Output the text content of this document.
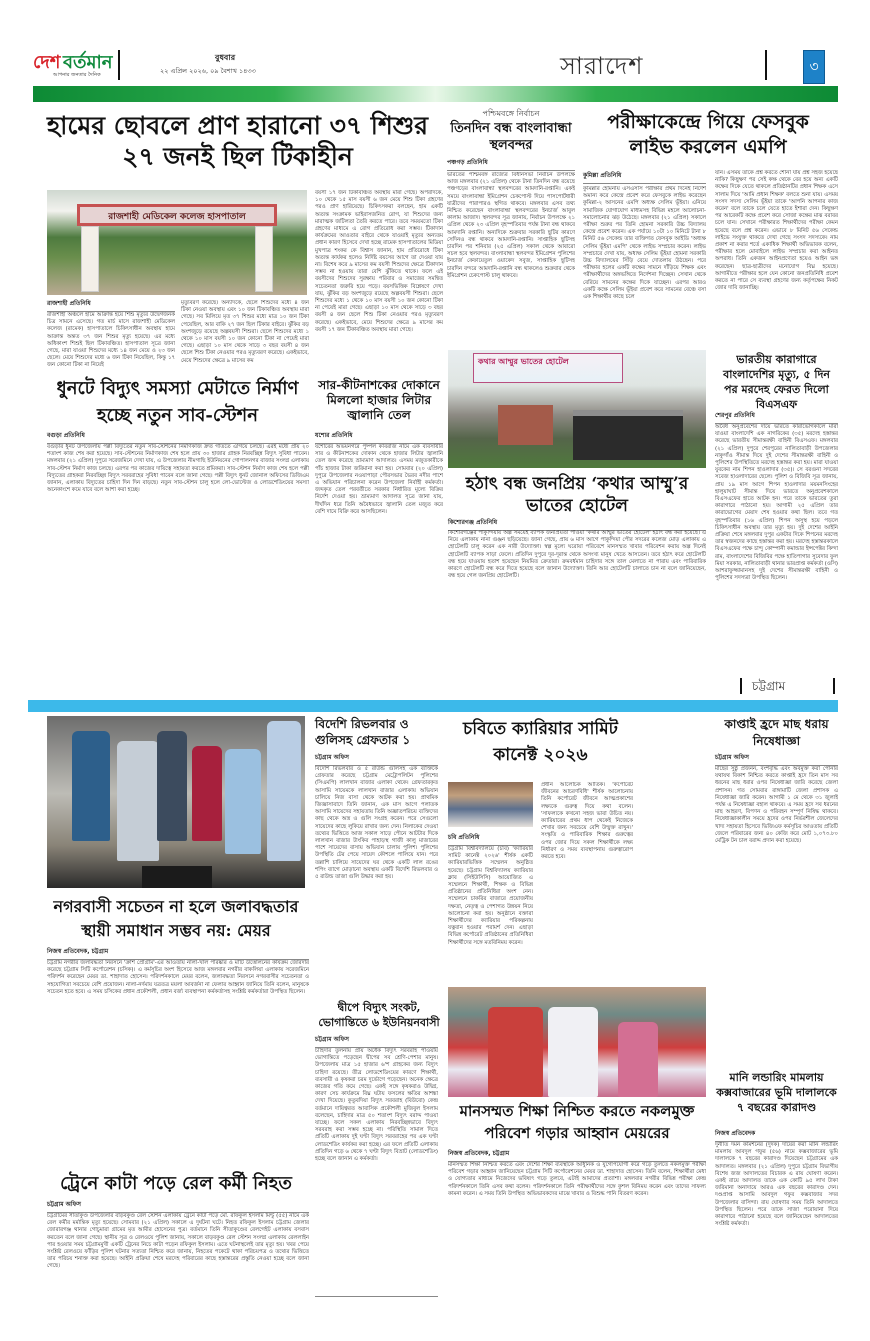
দেশ বর্তমান
আপনার জনতার দৈনিক
বুধবার
২২ এপ্রিল ২০২৬, ০৯ বৈশাখ ১৪৩৩	সারাদেশ	৩
হামের ছোবলে প্রাণ হারানো ৩৭ শিশুর ২৭ জনই ছিল টিকাহীন
রাজশাহী মেডিকেল কলেজ হাসপাতাল
রাজশাহী প্রতিনিধি

রাজশাহী অঞ্চলে হামে আক্রান্ত হয়ে শিশু মৃত্যুর উদ্বেগজনক চিত্র সামনে এসেছে। গত মার্চ মাসে রাজশাহী মেডিকেল কলেজ (রামেক) হাসপাতালে চিকিৎসাধীন অবস্থায় হামে আক্রান্ত অন্তত ৩৭ জন শিশুর মৃত্যু হয়েছে। এর মধ্যে অধিকাংশ শিশুই ছিল টিকাবঞ্চিত। হাসপাতাল সূত্রে জানা গেছে, মারা যাওয়া শিশুদের মধ্যে ১৪ জন মেয়ে ও ২৩ জন ছেলে। মেয়ে শিশুদের মধ্যে ৬ জন টিকা নিয়েছিল, কিন্তু ১৭ জন কোনো টিকা না নিয়েই

মৃত্যুবরণ করেছে। অন্যদিকে, ছেলে শিশুদের মধ্যে ৪ জন টিকা নেওয়া অবস্থায় এবং ১০ জন টিকাবঞ্চিত অবস্থায় মারা গেছে। সব মিলিয়ে মৃত ৩৭ শিশুর মধ্যে মাত্র ১০ জন টিকা পেয়েছিল, আর বাকি ২৭ জন ছিল টিকার বাইরে। ঝুঁকির বড় অংশজুড়ে রয়েছে অল্পবয়সী শিশুরা। ছেলে শিশুদের মধ্যে ১ থেকে ১০ মাস বয়সী ১০ জন কোনো টিকা না পেয়েই মারা গেছে। এছাড়া ১০ মাস থেকে সাড়ে ৩ বছর বয়সী ৪ জন ছেলে শিশু টিকা নেওয়ার পরও মৃত্যুবরণ করেছে। একইভাবে, মেয়ে শিশুদের ক্ষেত্রে ৯ মাসের কম

বয়সী ১৭ জন টিকাবঞ্চিত অবস্থায় মারা গেছে। অপরদিকে, ১০ থেকে ১৫ মাস বয়সী ৬ জন মেয়ে শিশু টিকা গ্রহণের পরও প্রাণ হারিয়েছে। চিকিৎসকরা বলছেন, হাম একটি অত্যন্ত সংক্রামক ভাইরাসজনিত রোগ, যা শিশুদের জন্য মারাত্মক জটিলতা তৈরি করতে পারে। তবে সময়মতো টিকা গ্রহণের মাধ্যমে এ রোগ প্রতিরোধ করা সম্ভব। টিকাদান কার্যক্রমের আওতার বাইরে থেকে যাওয়াই মৃত্যুর অন্যতম প্রধান কারণ হিসেবে দেখা হচ্ছে রামেক হাসপাতালের মিডিয়া মুখপাত্র শংকর কে বিশ্বাস জানান, হাম প্রতিরোধে টিকা অত্যন্ত কার্যকর হলেও নির্দিষ্ট বয়সের আগে তা দেওয়া যায় না। বিশেষ করে ৯ মাসের কম বয়সী শিশুদের ক্ষেত্রে টিকাদান সম্ভব না হওয়ায় তারা বেশি ঝুঁকিতে থাকে। ফলে এই বয়সীদের শিশুদের সুরক্ষায় পরিবার ও সমাজের সমন্বিত সচেতনতা জরুরি হয়ে পড়ে। বয়সভিত্তিক বিশ্লেষণে দেখা যায়, ঝুঁকির বড় অংশজুড়ে রয়েছে অল্পবয়সী শিশুরা। ছেলে শিশুদের মধ্যে ১ থেকে ১০ মাস বয়সী ১০ জন কোনো টিকা না পেয়েই মারা গেছে। এছাড়া ১০ মাস থেকে সাড়ে ৩ বছর বয়সী ৪ জন ছেলে শিশু টিকা নেওয়ার পরও মৃত্যুবরণ করেছে। একইভাবে, মেয়ে শিশুদের ক্ষেত্রে ৯ মাসের কম বয়সী ১৭ জন টিকাবঞ্চিত অবস্থায় মারা গেছে।

পশ্চিমবঙ্গে নির্বাচন
তিনদিন বন্ধ বাংলাবান্ধা স্থলবন্দর
পঞ্চগড় প্রতিনিধি

ভারতের পশ্চিমবঙ্গ রাজ্যের বিধানসভা নির্বাচন উপলক্ষে আজ মঙ্গলবার (২১ এপ্রিল) থেকে টানা তিনদিন বন্ধ রয়েছে পঞ্চগড়ের বাংলাবান্ধা স্থলবন্দরের আমদানি-রপ্তানি। একই সময়ে বাংলাবান্ধা ইমিগ্রেশন চেকপোস্ট দিয়ে পাসপোর্টধারী যাত্রীদের পারাপারও স্থগিত থাকবে। মঙ্গলবার এসব তথ্য নিশ্চিত করেছেন বাংলাবান্ধা স্থলবন্দরের ইনচার্জ আবুল কালাম আজাদ। স্থলবন্দর সূত্র জানায়, নির্বাচন উপলক্ষে ২১ এপ্রিল থেকে ২৩ এপ্রিল বৃহস্পতিবার পর্যন্ত টানা বন্ধ থাকবে আমদানি রপ্তানি। অন্যদিকে শুক্রবার সরকারি ছুটির কারণে সেদিনও বন্ধ থাকবে আমদানি-রপ্তানি। সাপ্তাহিক ছুটিসহ চারদিন পর শনিবার (২৫ এপ্রিল) সকাল থেকে আবারো সচল হবে স্থলবন্দর। বাংলাবান্ধা স্থলবন্দর ইমিগ্রেশন পুলিশের ইনচার্জ কেফায়েতুল ওয়াকেদ সবুজ, সাপ্তাহিক ছুটিসহ চারদিন বন্দরে আমদানি-রপ্তানি বন্ধ থাকলেও শুক্রবার থেকে ইমিগ্রেশন চেকপোস্ট চালু থাকবে।

পরীক্ষাকেন্দ্রে গিয়ে ফেসবুক লাইভ করলেন এমপি
কুমিল্লা প্রতিনিধি

কুমিল্লার হোমনায় এসএসসি পরীক্ষার প্রথম দিনেই নির্দেশ অমান্য করে কেন্দ্রে প্রবেশ করে ফেসবুকে লাইভ করেছেন কুমিল্লা-২ আসনের এমপি অধ্যক্ষ সেলিম ভূঁইয়া। এনিয়ে সামাজিক যোগাযোগ মাধ্যমসহ বিভিন্ন মহলে আলোচনা-সমালোচনার ঝড় উঠেছে। মঙ্গলবার (২১ এপ্রিল) সকালে পরীক্ষা শুরুর পর তিনি হোমনা সরকারি উচ্চ বিদ্যালয় কেন্দ্রে প্রবেশ করেন। এক পর্যায়ে ১০টা ১০ মিনিটে টানা ৮ মিনিট ৫৬ সেকেন্ড তার ব্যক্তিগত ফেসবুক আইডি 'অধ্যক্ষ সেলিম ভূঁইয়া এমপি' থেকে লাইভ সম্প্রচার করেন। লাইভ সম্প্রচারে দেখা যায়, অধ্যক্ষ সেলিম ভূঁইয়া হোমনা সরকারি উচ্চ বিদ্যালয়ের সিঁড়ি বেয়ে দোতলায় উঠছেন। পরে পরীক্ষার হলের একটি কক্ষের সামনে দাঁড়িয়ে শিক্ষক এবং পরীক্ষার্থীদের অঙ্গভঙ্গিতে নির্দেশনা দিচ্ছেন। সেখান থেকে বেরিয়ে সামনের কক্ষের দিকে যাচ্ছেন। এরপর আরও একটি কক্ষে সেলিম ভূঁইয়া প্রবেশ করে সামনের বেঞ্চে বসা এক শিক্ষার্থীর কাছে চলে

যান। এসময় তাকে প্রশ্ন করতে শোনা যায় প্রশ্ন সহজ হয়েছে নাকি? কিছুক্ষণ পর সেই কক্ষ থেকে বের হয়ে অন্য একটি কক্ষের দিকে যেতে থাকলে প্রতিষ্ঠানটির প্রধান শিক্ষক এসে সালাম দিয়ে 'আমি প্রধান শিক্ষক' বলতে শুনা যায়। এসময় সংসদ সদস্য সেলিম ভূঁইয়া তাকে 'আপনি আপনার কাজ করেন' বলে তাকে চলে যেতে হাতে ইশারা দেন। কিছুক্ষণ পর আরেকটি কক্ষে প্রবেশ করে সোজা কক্ষের মাঝ বরাবর চলে যান। সেখানে পরীক্ষারত শিক্ষার্থীদের পরীক্ষা কেমন হয়েছে বলে প্রশ্ন করেন। এভাবে ৮ মিনিট ৫৬ সেকেন্ড লাইভে সংযুক্ত থাকতে দেখা গেছে সংসদ সদস্যকে। নাম প্রকাশ না করার শর্তে একাধিক শিক্ষার্থী অভিভাবক বলেন, পরীক্ষার হলে মোবাইলে লাইভ সম্প্রচার করা আইনত অপরাধ। তিনি একজন আইনপ্রণেতা হয়েও আইন ভঙ্গ করেছেন। ছাত্র-ছাত্রীদের মনোযোগ বিঘ্ন হয়েছে। আগামীতে পরীক্ষার হলে যেন কোনো জনপ্রতিনিধি প্রবেশ করতে না পারে সে ব্যবস্থা গ্রহণের জন্য কর্তৃপক্ষের নিকট জোর দাবি জানাচ্ছি।

ধুনটে বিদ্যুৎ সমস্যা মেটাতে নির্মাণ হচ্ছে নতুন সাব-স্টেশন
বগুড়া প্রতিনিধি

বগুড়ার ধুনট উপজেলায় পল্লী বিদ্যুতের নতুন সাব-স্টেশনের নির্মাণকাজ দ্রুত গতিতে এগিয়ে চলছে। এরই মধ্যে প্রায় ২০ শতাংশ কাজ শেষ করা হয়েছে। সাব-স্টেশনের নির্মাণকাজ শেষ হলে প্রায় ৩০ হাজার গ্রাহক নিরবচ্ছিন্ন বিদ্যুৎ সুবিধা পাবেন। মঙ্গলবার (২১ এপ্রিল) দুপুরে সরেজমিনে দেখা যায়, এ উপজেলার নীমগাছি ইউনিয়নের গোপালনগর বাজার সংলগ্ন এলাকায় সাব-স্টেশন নির্মাণ কাজ চলছে। এরপর পর কাজের দায়িত্বে সহায়তা করতে শ্রমিকরা। সাব-স্টেশন নির্মাণ কাজ শেষ হলে পল্লী বিদ্যুতের গ্রাহকরা নিরবচ্ছিন্ন বিদ্যুৎ সরবরাহের সুবিধা পাবেন বলে জানা গেছে। পল্লী বিদ্যুৎ ধুনট জোনাল অফিসের ডিজিএম জানান, এলাকায় বিদ্যুতের চাহিদা দিন দিন বাড়ছে। নতুন সাব-স্টেশন চালু হলে লো-ভোল্টেজ ও লোডশেডিংয়ের সমস্যা অনেকাংশে কমে যাবে বলে আশা করা হচ্ছে।

সার-কীটনাশকের দোকানে মিললো হাজার লিটার জ্বালানি তেল
যশোর প্রতিনিধি

যশোরের অভয়নগরে পুষ্পল কবিরাজ নামে এক ব্যবসায়ীর সার ও কীটনাশকের দোকান থেকে হাজার লিটার জ্বালানি তেল জব্দ করেছে ভ্রাম্যমাণ আদালত। এসময় মজুতকারীকে পাঁচ হাজার টাকা জরিমানা করা হয়। সোমবার (২০ এপ্রিল) দুপুরে উপজেলার নওয়াপাড়া পৌরসভার ভৈরব নদীর পাশে এ অভিযান পরিচালনা করেন উপজেলা নির্বাহী কর্মকর্তা। জব্দকৃত তেল পরবর্তীতে সরকার নির্ধারিত মূল্যে বিক্রির নির্দেশ দেওয়া হয়। ভ্রাম্যমাণ আদালত সূত্রে জানা যায়, দীর্ঘদিন ধরে তিনি অবৈধভাবে জ্বালানি তেল মজুত করে বেশি দামে বিক্রি করে আসছিলেন।

কথার আম্মুর ভাতের হোটেল
হঠাৎ বন্ধ জনপ্রিয় ‘কথার আম্মু’র ভাতের হোটেল
কিশোরগঞ্জ প্রতিনিধি

কিশোরগঞ্জের পাকুন্দিয়ায় অল্প সময়েই ব্যাপক জনপ্রিয়তা পাওয়া 'কথার আম্মুর ভাতের হোটেল' হঠাৎ বন্ধ করা হয়েছে। এ নিয়ে এলাকায় নানা গুঞ্জন ছড়িয়েছে। জানা গেছে, প্রায় ৬ মাস আগে পাকুন্দিয়া পৌর সদরের কলেজ মোড় এলাকায় এ হোটেলটি চালু করেন এক নারী উদ্যোক্তা। স্বল্প মূল্যে ঘরোয়া পরিবেশে মানসম্মত খাবার পরিবেশন করায় অল্প দিনেই হোটেলটি ব্যাপক সাড়া ফেলে। প্রতিদিন দুপুরে দূর-দূরান্ত থেকে অসংখ্য মানুষ খেতে আসতেন। তবে হঠাৎ করে হোটেলটি বন্ধ হয়ে যাওয়ায় হতাশ হয়েছেন নিয়মিত ক্রেতারা। ক্রমবর্ধমান চাহিদার সঙ্গে তাল মেলাতে না পারায় এবং পারিবারিক কারণে হোটেলটি বন্ধ করে দিতে হয়েছে বলে জানান উদ্যোক্তা। তিনি আর হোটেলটি চালাতে চান না বলে জানিয়েছেন, বন্ধ হয়ে গেল জনপ্রিয় হোটেলটি।

ভারতীয় কারাগারে বাংলাদেশির মৃত্যু, ৫ দিন পর মরদেহ ফেরত দিলো বিএসএফ
শেরপুর প্রতিনিধি

অবৈধ অনুপ্রবেশের দায়ে ভারতে কারাভোগকালে মারা যাওয়া বাংলাদেশি এক নাগরিকের (৩৫) মরদেহ হস্তান্তর করেছে ভারতীয় সীমান্তরক্ষী বাহিনী বিএসএফ। মঙ্গলবার (২১ এপ্রিল) দুপুরে শেরপুরের নালিতাবাড়ী উপজেলার নাকুগাঁও সীমান্ত দিয়ে দুই দেশের সীমান্তরক্ষী বাহিনী ও পুলিশের উপস্থিতিতে মরদেহ হস্তান্তর করা হয়। মারা যাওয়া যুবকের নাম শিপন হাওলাদার (৩৫)। সে বরগুনা সদরের সবেজ হাওলাদারের ছেলে। পুলিশ ও বিজিবি সূত্র জানায়, প্রায় ১৯ মাস আগে শিপন হাওলাদার ময়মনসিংহের হালুয়াঘাট সীমান্ত দিয়ে ভারতে অনুপ্রবেশকালে বিএসএফের হাতে আটক হন। পরে তাকে ভারতের তুরা কারাগারে পাঠানো হয়। আগামী ২৫ এপ্রিল তার কারাভোগের মেয়াদ শেষ হওয়ার কথা ছিল। তবে গত বৃহস্পতিবার (১৬ এপ্রিল) শিপন অসুস্থ হয়ে পড়লে চিকিৎসাধীন অবস্থায় তার মৃত্যু হয়। দুই দেশের আইনি প্রক্রিয়া শেষে মঙ্গলবার দুপুর একটার দিকে শিপনের মরদেহ তার স্বজনদের কাছে হস্তান্তর করা হয়। মরদেহ হস্তান্তরকালে বিএসএফের পক্ষে চান্দু কোম্পানী কমান্ডার ইন্সপেক্টর কিন্দা রাম, বাংলাদেশের বিজিবির পক্ষে হাতিপাগার সুবেদার ফুল মিয়া সরকার, নালিতাবাড়ী থানার ভারপ্রাপ্ত কর্মকর্তা (ওসি) আশরাফুজ্জামানসহ দুই দেশের সীমান্তরক্ষী বাহিনী ও পুলিশের সদস্যরা উপস্থিত ছিলেন।

চট্টগ্রাম
নগরবাসী সচেতন না হলে জলাবদ্ধতার স্থায়ী সমাধান সম্ভব নয়: মেয়র
নিজস্ব প্রতিবেদক, চট্টগ্রাম

চট্টগ্রাম নগরীর জলাবদ্ধতা নিরসনে 'ক্রাশ প্রোগ্রাম'-এর আওতায় নালা-খাল পরিষ্কার ও মাটি উত্তোলনের কার্যক্রম জোরদার করেছে চট্টগ্রাম সিটি কর্পোরেশন (চসিক)। এ কর্মসূচির অংশ হিসেবে আজ মঙ্গলবার নগরীর বাকলিয়া এলাকায় সরেজমিনে পরিদর্শন করেছেন মেয়র ডা. শাহাদাত হোসেন। পরিদর্শনকালে মেয়র বলেন, জলাবদ্ধতা নিরসনে নগরবাসীর সচেতনতা ও সহযোগিতা সবচেয়ে বেশি প্রয়োজন। নালা-নর্দমায় যত্রতত্র ময়লা আবর্জনা না ফেলার আহ্বান জানিয়ে তিনি বলেন, মানুষকে সচেতন হতে হবে। এ সময় চসিকের প্রধান প্রকৌশলী, প্রধান বর্জ্য ব্যবস্থাপনা কর্মকর্তাসহ সংশ্লিষ্ট কর্মকর্তারা উপস্থিত ছিলেন।

ট্রেনে কাটা পড়ে রেল কর্মী নিহত
চট্টগ্রাম অফিস

চট্টগ্রামের সীতাকুণ্ড উপজেলার বাড়বকুণ্ড রেল স্টেশন এলাকায় ট্রেনে কাটা পড়ে মো. রফিকুল ইসলাম মিন্টু (৫৫) নামে এক রেল কর্মীর মর্মান্তিক মৃত্যু হয়েছে। সোমবার (২১ এপ্রিল) সকালে এ দুর্ঘটনা ঘটে। নিহত রফিকুল ইসলাম চট্টগ্রাম জেলার জোরারগঞ্জ থানার গোচুমারা গ্রামের মৃত আমীর হোসেনের পুত্র। বর্তমানে তিনি সীতাকুণ্ডের রেলগেইট এলাকায় বসবাস করতেন বলে জানা গেছে। স্থানীয় সূত্র ও রেলওয়ে পুলিশ জানায়, সকালে বাড়বকুণ্ড রেল স্টেশন সংলগ্ন এলাকায় রেললাইন পার হওয়ার সময় চট্টগ্রামমুখী একটি ট্রেনের নিচে কাটা পড়েন রফিকুল ইসলাম। এতে ঘটনাস্থলেই তার মৃত্যু হয়। খবর পেয়ে সংশ্লিষ্ট রেলওয়ে ফাঁড়ির পুলিশ ঘটনার সত্যতা নিশ্চিত করে জানায়, নিহতের পকেটে থাকা পরিচয়পত্র ও তথ্যের ভিত্তিতে তার পরিচয় শনাক্ত করা হয়েছে। আইনি প্রক্রিয়া শেষে মরদেহ পরিবারের কাছে হস্তান্তরের প্রস্তুতি নেওয়া হচ্ছে বলে জানা গেছে।

বিদেশি রিভলবার ও গুলিসহ গ্রেফতার ১
চট্টগ্রাম অফিস

বিদেশি রিভলবার ও ৫ রাউন্ড গুলিসহ এক ব্যক্তিকে গ্রেফতার করেছে চট্টগ্রাম মেট্রোপলিটন পুলিশের (সিএমপি) লালখান বাজার এলাকা থেকে। গ্রেফতারকৃত আসামি সায়েমকে লালখান বাজার এলাকায় অভিযান চালিয়ে নিজ বাসা থেকে আটক করা হয়। প্রাথমিক জিজ্ঞাসাবাদে তিনি জানান, এক মাস আগে পলাতক আসামি সায়েদের সহায়তায় তিনি অজ্ঞাতপরিচয় ব্যক্তিদের কাছ থেকে অস্ত্র ও গুলি সংগ্রহ করেন। পরে সেগুলো সায়েদের কাছে লুকিয়ে রাখার জন্য দেন। নিলাকের দেওয়া তথ্যের ভিত্তিতে আজ সকাল সাড়ে পৌনে আটটার দিকে লালখান বাজার টাংকির পাহাড়স্থ গাজী কালু মাজারের পাশে সায়েদের বাসায় অভিযান চালায় পুলিশ। পুলিশের উপস্থিতি টের পেয়ে সায়েদ কৌশলে পালিয়ে যান। পরে তল্লাশি চালিয়ে সায়েদের ঘর থেকে একটি লাল রঙের শপিং ব্যাগে মোড়ানো অবস্থায় একটি বিদেশি রিভলবার ও ৫ রাউন্ড তাজা গুলি উদ্ধার করা হয়।

দ্বীপে বিদ্যুৎ সংকট, ভোগান্তিতে ৬ ইউনিয়নবাসী
চট্টগ্রাম অফিস

চাহিদার তুলনায় প্রায় অর্ধেক বিদ্যুৎ সরবরাহ পাওয়ায় ভোগান্তিতে পড়েছেন দ্বীপের সব শ্রেণি-পেশার মানুষ। উপজেলায় মাত্র ১৫ হাজার ৬'শ গ্রাহকের জন্য বিদ্যুৎ চাহিদা রয়েছে। তীব্র লোডশেডিংয়ের কারণে শিক্ষার্থী, ব্যবসায়ী ও কৃষকরা চরম দুর্ভোগে পড়েছেন। অনেক ক্ষেত্রে কাজের গতি কমে গেছে। একই সঙ্গে কৃষকরাও উদ্বিগ্ন, কারণ সেচ কার্যক্রমে বিঘ্ন ঘটায় ফসলের ক্ষতির আশঙ্কা দেখা দিয়েছে। কুতুবদিয়া বিদ্যুৎ সরবরাহ (বিউবো) কেন্দ্র বর্তমানে দায়িত্বরত আবাসিক প্রকৌশলী মুজিবুল ইসলাম বলেছেন, চাহিদার মাত্র ৫০ শতাংশ বিদ্যুৎ বরাদ্দ পাওয়া যাচ্ছে। ফলে সকল এলাকায় নিরবচ্ছিন্নভাবে বিদ্যুৎ সরবরাহ করা সম্ভব হচ্ছে না। পরিস্থিতি সামাল দিতে প্রতিটি এলাকায় দুই ঘণ্টা বিদ্যুৎ সরবরাহের পর এক ঘণ্টা লোডশেডিং কার্যকর করা হচ্ছে। এর ফলে প্রতিটি এলাকায় প্রতিদিন গড়ে ৬ থেকে ৭ ঘণ্টা বিদ্যুৎ বিভ্রাট (লোডশেডিং) হচ্ছে বলে জানান এ কর্মকর্তা।

চবিতে ক্যারিয়ার সামিট কানেক্ট ২০২৬
চবি প্রতিনিধি

চট্টগ্রাম বিশ্ববিদ্যালয়ে (চবি) 'ক্যারিয়ার সামিট কানেক্ট ২০২৬' শীর্ষক একটি ক্যারিয়ারভিত্তিক সম্মেলন অনুষ্ঠিত হয়েছে। চট্টগ্রাম বিশ্ববিদ্যালয় ক্যারিয়ার ক্লাব (সিইউসিসি) আয়োজিত এ সম্মেলনে শিক্ষার্থী, শিক্ষক ও বিভিন্ন প্রতিষ্ঠানের প্রতিনিধিরা অংশ নেন। সম্মেলনে চাকরির বাজারে প্রয়োজনীয় দক্ষতা, নেতৃত্ব ও পেশাগত উন্নয়ন নিয়ে আলোচনা করা হয়। অনুষ্ঠানে বক্তারা শিক্ষার্থীদের ক্যারিয়ার পরিকল্পনায় যত্নবান হওয়ার পরামর্শ দেন। এছাড়া বিভিন্ন কর্পোরেট প্রতিষ্ঠানের প্রতিনিধিরা শিক্ষার্থীদের সঙ্গে মতবিনিময় করেন।

প্রধান আলোচক আতিক। 'কর্পোরেট জীবনের আচরণবিধি' শীর্ষক আলোচনায় তিনি কর্পোরেট জীবনে আত্মপ্রকাশের লক্ষ্যকে গুরুত্ব দিয়ে কথা বলেন। 'সাফল্যকে কখনো সহজ ভাবা উচিত নয়। ক্যারিয়ারের প্রথম ধাপ থেকেই নিজেকে শেখার জন্য সবচেয়ে বেশি উন্মুক্ত রাখুন।' সংস্কৃতি ও পারিবারিক শিক্ষার গুরুত্বের ওপর জোর দিয়ে সকল শিক্ষার্থীকে লক্ষ্য নির্ধারণ ও সময় ব্যবস্থাপনায় গুরুত্বারোপ করতে হবে।

মানসম্মত শিক্ষা নিশ্চিত করতে নকলমুক্ত পরিবেশ গড়ার আহ্বান মেয়রের
নিজস্ব প্রতিবেদক, চট্টগ্রাম

মানসম্মত শিক্ষা নিশ্চিত করতে এবং দেশের শিক্ষা ব্যবস্থাকে আধুনিক ও যুগোপযোগী করে গড়ে তুলতে নকলমুক্ত পরীক্ষা পরিবেশ গড়ার আহ্বান জানিয়েছেন চট্টগ্রাম সিটি কর্পোরেশনের মেয়র ডা. শাহাদাত হোসেন। তিনি বলেন, শিক্ষার্থীরা মেধা ও যোগ্যতার মাধ্যমে নিজেদের ভবিষ্যৎ গড়ে তুলবে, এটাই আমাদের প্রত্যাশা। মঙ্গলবার নগরীর বিভিন্ন পরীক্ষা কেন্দ্র পরিদর্শনকালে তিনি এসব কথা বলেন। পরিদর্শনকালে তিনি পরীক্ষার্থীদের সঙ্গে কুশল বিনিময় করেন এবং তাদের সাফল্য কামনা করেন। এ সময় তিনি উপস্থিত অভিভাবকদের মাঝে খাবার ও বিশুদ্ধ পানি বিতরণ করেন।

কাপ্তাই হ্রদে মাছ ধরায় নিষেধাজ্ঞা
চট্টগ্রাম অফিস

মাছের সুষ্ঠু প্রজনন, বংশবৃদ্ধি এবং অবমুক্ত করা পোনার যথাযথ বিকাশ নিশ্চিত করতে কাপ্তাই হ্রদে তিন মাস সব ধরনের মাছ ধরার ওপর নিষেধাজ্ঞা জারি করেছে জেলা প্রশাসন। গত সোমবার রাঙ্গামাটি জেলা প্রশাসক এ নিষেধাজ্ঞা জারি করেন। আগামী ১ মে থেকে ৩১ জুলাই পর্যন্ত এ নিষেধাজ্ঞা বহাল থাকবে। এ সময় হ্রদে সব ধরনের মাছ আহরণ, বিপণন ও পরিবহন সম্পূর্ণ নিষিদ্ধ থাকবে। নিষেধাজ্ঞাকালীন সময়ে হ্রদের ওপর নির্ভরশীল জেলেদের খাদ্য সহায়তা হিসেবে ভিজিএফ কর্মসূচির আওতায় প্রতিটি জেলে পরিবারের জন্য ৪০ কেজি করে মোট ১,০৭৩.৮০ মেট্রিক টন চাল বরাদ্দ প্রদান করা হয়েছে।

মানি লন্ডারিং মামলায় কক্সবাজারের ভূমি দালালকে ৭ বছরের কারাদণ্ড
নিজস্ব প্রতিবেদক

দুর্নীতি দমন কমিশনের (দুদক) দায়ের করা মানি লন্ডারিং মামলায় আবদুল গফুর (৫৬) নামে কক্সবাজারের ভূমি দালালকে ৭ বছরের কারাদণ্ড দিয়েছেন চট্টগ্রামের এক আদালত। মঙ্গলবার (২১ এপ্রিল) দুপুরে চট্টগ্রাম বিভাগীয় বিশেষ জজ আদালতের বিচারক এ রায় ঘোষণা করেন। একই রায়ে আদালত তাকে এক কোটি ৯৫ লাখ টাকা জরিমানা অনাদায়ে আরও এক বছরের কারাদণ্ড দেন। দণ্ডপ্রাপ্ত আসামি আবদুল গফুর কক্সবাজার সদর উপজেলার বাসিন্দা। রায় ঘোষণার সময় তিনি আদালতে উপস্থিত ছিলেন। পরে তাকে সাজা পরোয়ানা দিয়ে কারাগারে পাঠানো হয়েছে বলে জানিয়েছেন আদালতের সংশ্লিষ্ট কর্মকর্তা।
